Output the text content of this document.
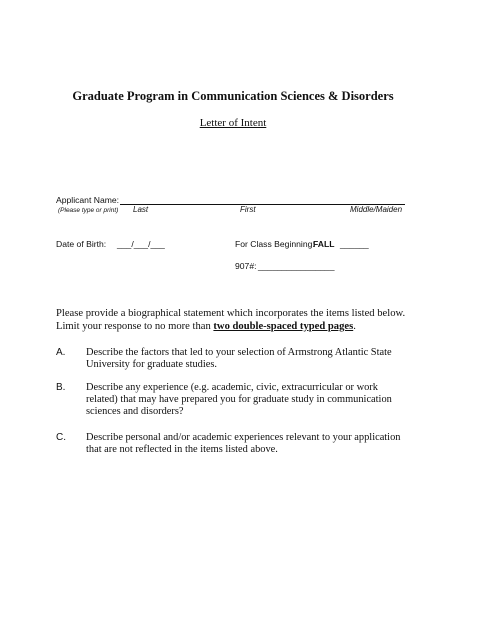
Graduate Program in Communication Sciences & Disorders
Letter of Intent
Applicant Name:
(Please type or print) Last	First	Middle/Maiden
Date of Birth: ___/___/___	For Class Beginning:
FALL ______
907#: ________________
Please provide a biographical statement which incorporates the items listed below. Limit your response to no more than two double-spaced typed pages.
A. Describe the factors that led to your selection of Armstrong Atlantic State University for graduate studies.
B. Describe any experience (e.g. academic, civic, extracurricular or work related) that may have prepared you for graduate study in communication sciences and disorders?
C. Describe personal and/or academic experiences relevant to your application that are not reflected in the items listed above.
